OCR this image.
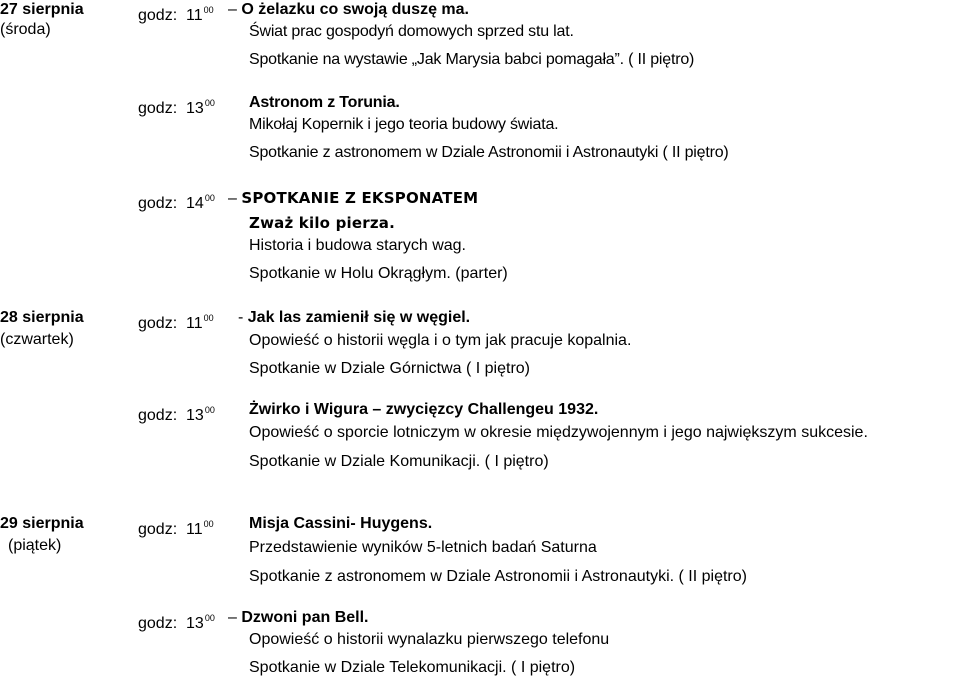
27 sierpnia
(środa)
godz: $11^{00}$ – O żelazku co swoją duszę ma.
Świat prac gospodyń domowych sprzed stu lat.
Spotkanie na wystawie „Jak Marysia babci pomagała”. ( II piętro)
godz: $13^{00}$ Astronom z Torunia.
Mikołaj Kopernik i jego teoria budowy świata.
Spotkanie z astronomem w Dziale Astronomii i Astronautyki ( II piętro)
godz: $14^{00}$ – SPOTKANIE Z EKSPONATEM
Zważ kilo pierza.
Historia i budowa starych wag.
Spotkanie w Holu Okrągłym. (parter)
28 sierpnia
(czwartek)
godz: $11^{00}$ - Jak las zamienił się w węgiel.
Opowieść o historii węgla i o tym jak pracuje kopalnia.
Spotkanie w Dziale Górnictwa ( I piętro)
godz: $13^{00}$ Żwirko i Wigura – zwycięzcy Challengeu 1932.
Opowieść o sporcie lotniczym w okresie międzywojennym i jego największym sukcesie.
Spotkanie w Dziale Komunikacji. ( I piętro)
29 sierpnia
(piątek)
godz: $11^{00}$ Misja Cassini- Huygens.
Przedstawienie wyników 5-letnich badań Saturna
Spotkanie z astronomem w Dziale Astronomii i Astronautyki. ( II piętro)
godz: $13^{00}$ – Dzwoni pan Bell.
Opowieść o historii wynalazku pierwszego telefonu
Spotkanie w Dziale Telekomunikacji. ( I piętro)
